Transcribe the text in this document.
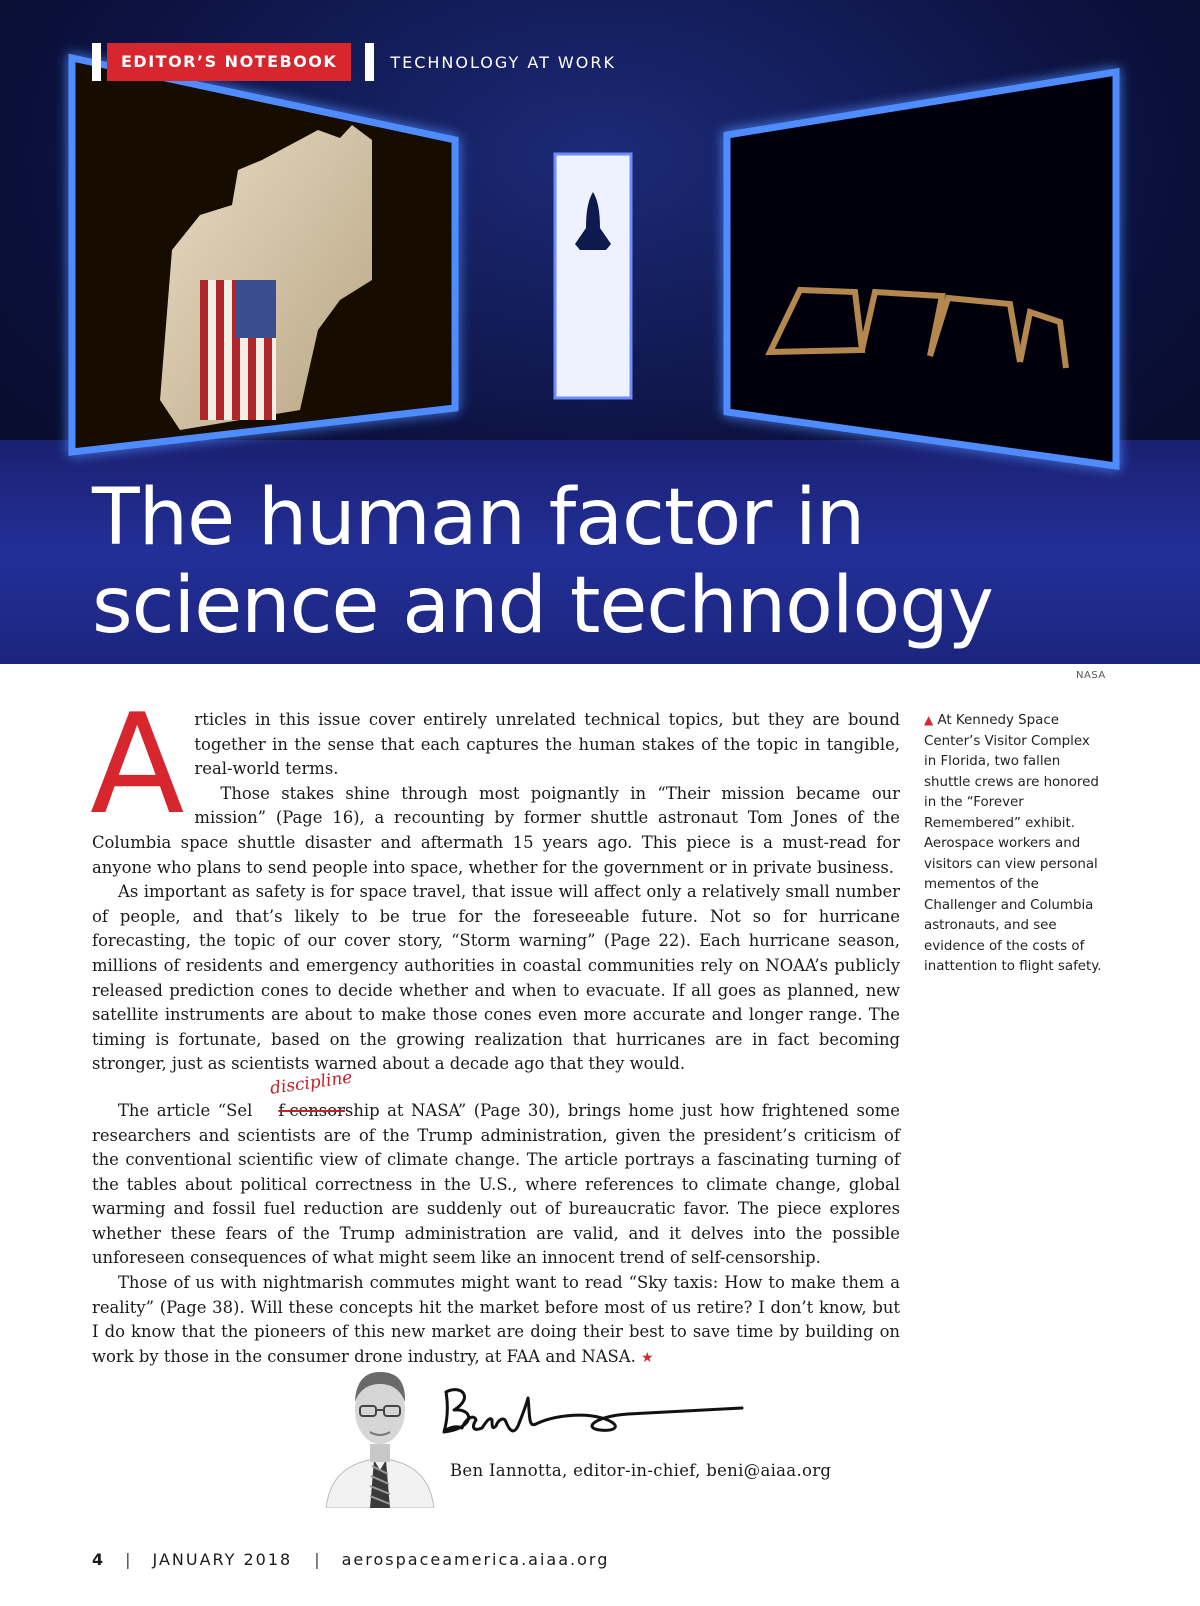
EDITOR’S NOTEBOOK	TECHNOLOGY AT WORK
The human factor in
science and technology
NASA

Articles in this issue cover entirely unrelated technical topics, but they are bound together in the sense that each captures the human stakes of the topic in tangible, real-world terms.

Those stakes shine through most poignantly in “Their mission became our mission” (Page 16), a recounting by former shuttle astronaut Tom Jones of the Columbia space shuttle disaster and aftermath 15 years ago. This piece is a must-read for anyone who plans to send people into space, whether for the government or in private business.

As important as safety is for space travel, that issue will affect only a relatively small number of people, and that’s likely to be true for the foreseeable future. Not so for hurricane forecasting, the topic of our cover story, “Storm warning” (Page 22). Each hurricane season, millions of residents and emergency authorities in coastal communities rely on NOAA’s publicly released prediction cones to decide whether and when to evacuate. If all goes as planned, new satellite instruments are about to make those cones even more accurate and longer range. The timing is fortunate, based on the growing realization that hurricanes are in fact becoming stronger, just as scientists warned about a decade ago that they would.

The article “Sel f-censor
discipline
ship at NASA” (Page 30), brings home just how frightened some researchers and scientists are of the Trump administration, given the president’s criticism of the conventional scientific view of climate change. The article portrays a fascinating turning of the tables about political correctness in the U.S., where references to climate change, global warming and fossil fuel reduction are suddenly out of bureaucratic favor. The piece explores whether these fears of the Trump administration are valid, and it delves into the possible unforeseen consequences of what might seem like an innocent trend of self-censorship.

Those of us with nightmarish commutes might want to read “Sky taxis: How to make them a reality” (Page 38). Will these concepts hit the market before most of us retire? I don’t know, but I do know that the pioneers of this new market are doing their best to save time by building on work by those in the consumer drone industry, at FAA and NASA. ★

▲ At Kennedy Space Center’s Visitor Complex in Florida, two fallen shuttle crews are honored in the “Forever Remembered” exhibit. Aerospace workers and visitors can view personal mementos of the Challenger and Columbia astronauts, and see evidence of the costs of inattention to flight safety.
Ben Iannotta, editor-in-chief, beni@aiaa.org
4 | JANUARY 2018 | aerospaceamerica.aiaa.org
